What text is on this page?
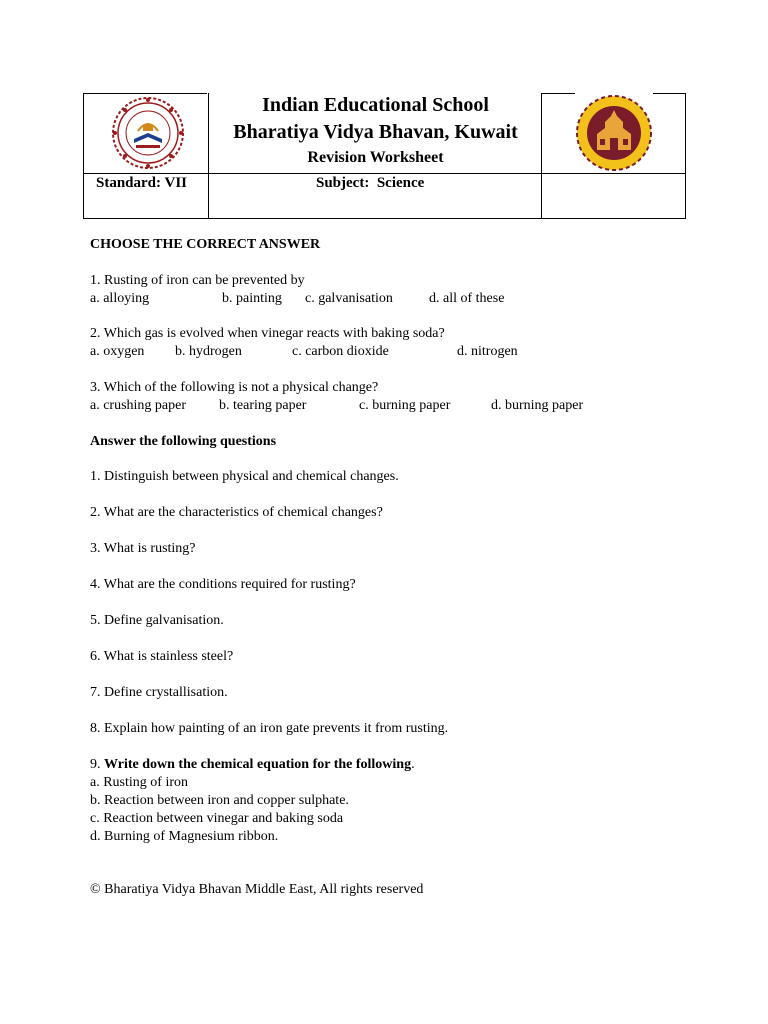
Indian Educational School
Bharatiya Vidya Bhavan, Kuwait
Revision Worksheet
Standard: VII	Subject:  Science
CHOOSE THE CORRECT ANSWER
1. Rusting of iron can be prevented by
a. alloying	b. painting c. galvanisation	d. all of these
2. Which gas is evolved when vinegar reacts with baking soda?
a. oxygen b. hydrogen	c. carbon dioxide	d. nitrogen
3. Which of the following is not a physical change?
a. crushing paper b. tearing paper	c. burning paper	d. burning paper
Answer the following questions
1. Distinguish between physical and chemical changes.
2. What are the characteristics of chemical changes?
3. What is rusting?
4. What are the conditions required for rusting?
5. Define galvanisation.
6. What is stainless steel?
7. Define crystallisation.
8. Explain how painting of an iron gate prevents it from rusting.
9. Write down the chemical equation for the following.
a. Rusting of iron
b. Reaction between iron and copper sulphate.
c. Reaction between vinegar and baking soda
d. Burning of Magnesium ribbon.
© Bharatiya Vidya Bhavan Middle East, All rights reserved
